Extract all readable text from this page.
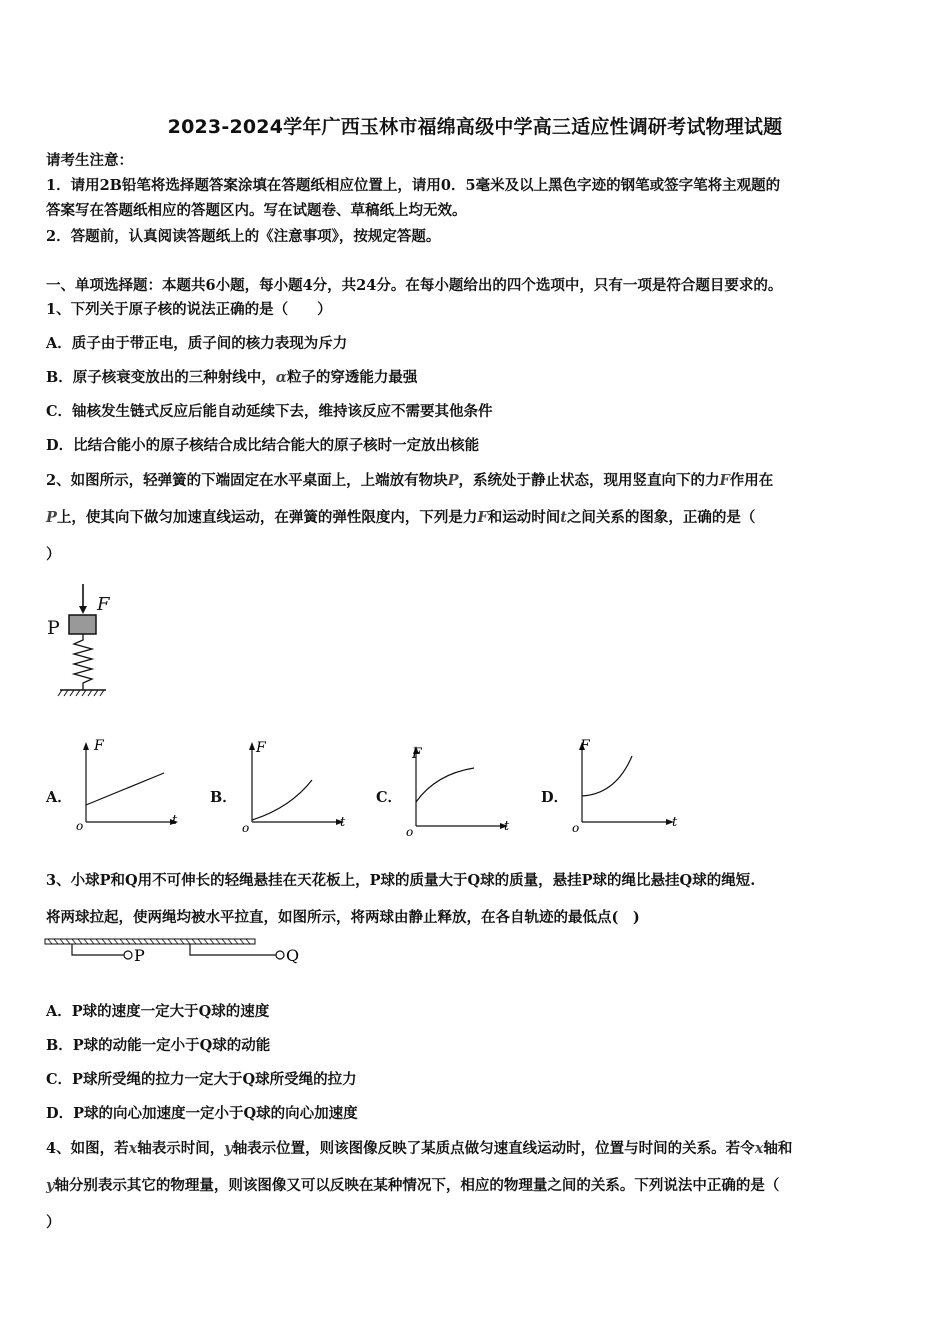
2023-2024学年广西玉林市福绵高级中学高三适应性调研考试物理试题
请考生注意：
1．请用2B铅笔将选择题答案涂填在答题纸相应位置上，请用0．5毫米及以上黑色字迹的钢笔或签字笔将主观题的
答案写在答题纸相应的答题区内。写在试题卷、草稿纸上均无效。
2．答题前，认真阅读答题纸上的《注意事项》，按规定答题。
一、单项选择题：本题共6小题，每小题4分，共24分。在每小题给出的四个选项中，只有一项是符合题目要求的。
1、下列关于原子核的说法正确的是（　　）
A．质子由于带正电，质子间的核力表现为斥力
B．原子核衰变放出的三种射线中，α粒子的穿透能力最强
C．铀核发生链式反应后能自动延续下去，维持该反应不需要其他条件
D．比结合能小的原子核结合成比结合能大的原子核时一定放出核能
2、如图所示，轻弹簧的下端固定在水平桌面上，上端放有物块P，系统处于静止状态，现用竖直向下的力F作用在
P上，使其向下做匀加速直线运动，在弹簧的弹性限度内，下列是力F和运动时间t之间关系的图象，正确的是（
）
F
P
A．
F
t
o
B．
F
t
o
C．
F
t
o
D．
F
t
o
3、小球P和Q用不可伸长的轻绳悬挂在天花板上，P球的质量大于Q球的质量，悬挂P球的绳比悬挂Q球的绳短.
将两球拉起，使两绳均被水平拉直，如图所示，将两球由静止释放，在各自轨迹的最低点(　)
P	Q
A．P球的速度一定大于Q球的速度
B．P球的动能一定小于Q球的动能
C．P球所受绳的拉力一定大于Q球所受绳的拉力
D．P球的向心加速度一定小于Q球的向心加速度
4、如图，若x轴表示时间，y轴表示位置，则该图像反映了某质点做匀速直线运动时，位置与时间的关系。若令x轴和
y轴分别表示其它的物理量，则该图像又可以反映在某种情况下，相应的物理量之间的关系。下列说法中正确的是（
）
